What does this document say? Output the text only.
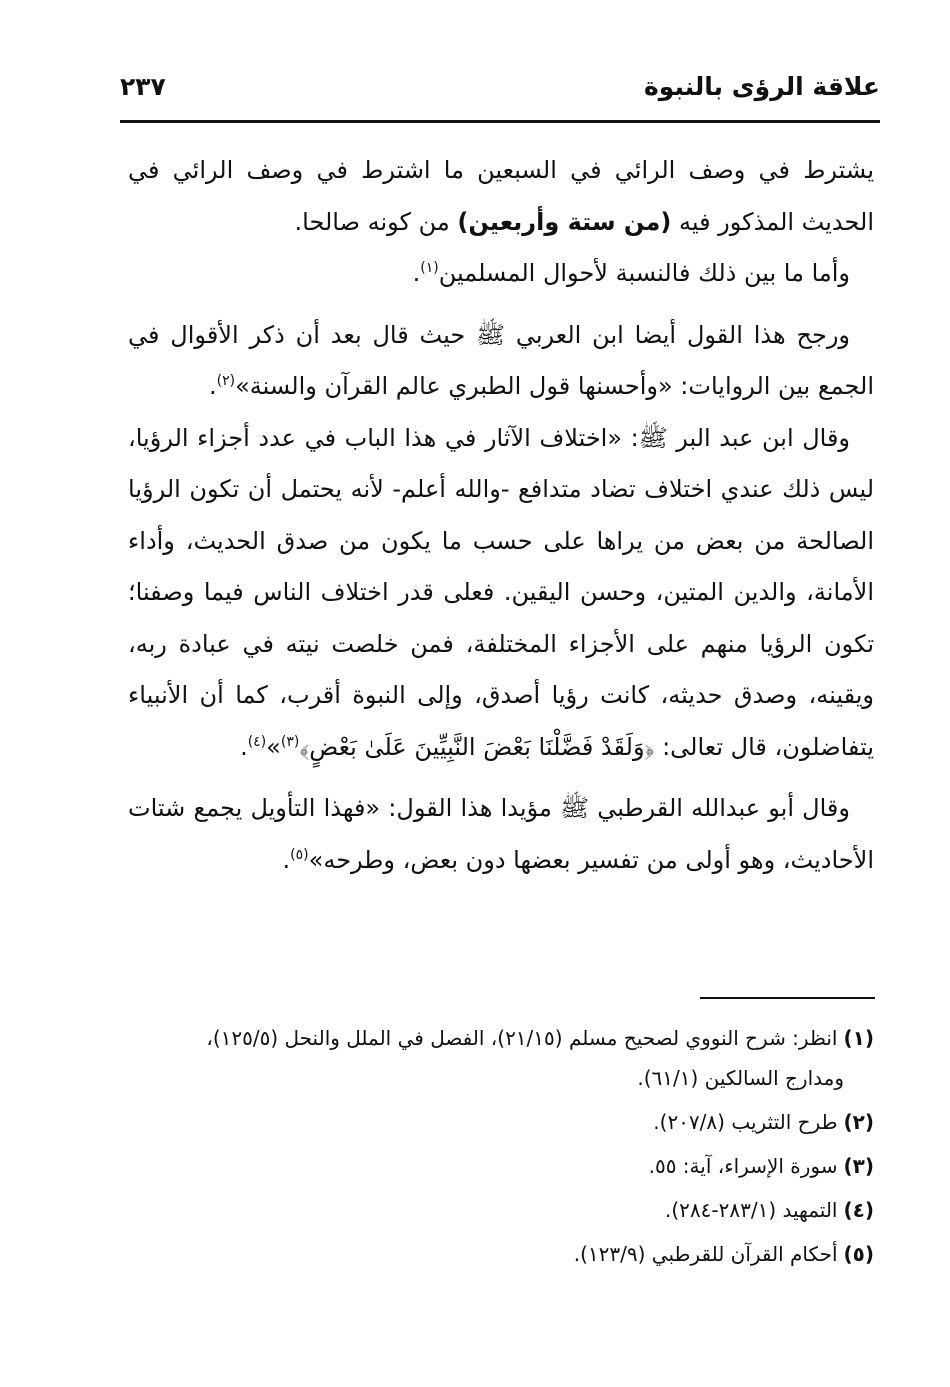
علاقة الرؤى بالنبوة
٢٣٧

يشترط في وصف الرائي في السبعين ما اشترط في وصف الرائي في الحديث المذكور فيه (من ستة وأربعين) من كونه صالحا.

وأما ما بين ذلك فالنسبة لأحوال المسلمين$^{(١)}$.

ورجح هذا القول أيضا ابن العربي ﷺ حيث قال بعد أن ذكر الأقوال في الجمع بين الروايات: «وأحسنها قول الطبري عالم القرآن والسنة»$^{(٢)}$.

وقال ابن عبد البر ﷺ: «اختلاف الآثار في هذا الباب في عدد أجزاء الرؤيا، ليس ذلك عندي اختلاف تضاد متدافع -والله أعلم- لأنه يحتمل أن تكون الرؤيا الصالحة من بعض من يراها على حسب ما يكون من صدق الحديث، وأداء الأمانة، والدين المتين، وحسن اليقين. فعلى قدر اختلاف الناس فيما وصفنا؛ تكون الرؤيا منهم على الأجزاء المختلفة، فمن خلصت نيته في عبادة ربه، ويقينه، وصدق حديثه، كانت رؤيا أصدق، وإلى النبوة أقرب، كما أن الأنبياء يتفاضلون، قال تعالى: ﴿وَلَقَدْ فَضَّلْنَا بَعْضَ النَّبِيِّينَ عَلَىٰ بَعْضٍ﴾$^{(٣)}$»$^{(٤)}$.

وقال أبو عبدالله القرطبي ﷺ مؤيدا هذا القول: «فهذا التأويل يجمع شتات الأحاديث، وهو أولى من تفسير بعضها دون بعض، وطرحه»$^{(٥)}$.

(١)انظر: شرح النووي لصحيح مسلم (٢١/١٥)، الفصل في الملل والنحل (١٢٥/٥)،
ومدارج السالكين (٦١/١).
(٢)طرح التثريب (٢٠٧/٨).
(٣)سورة الإسراء، آية: ٥٥.
(٤)التمهيد (٢٨٣/١-٢٨٤).
(٥)أحكام القرآن للقرطبي (١٢٣/٩).
